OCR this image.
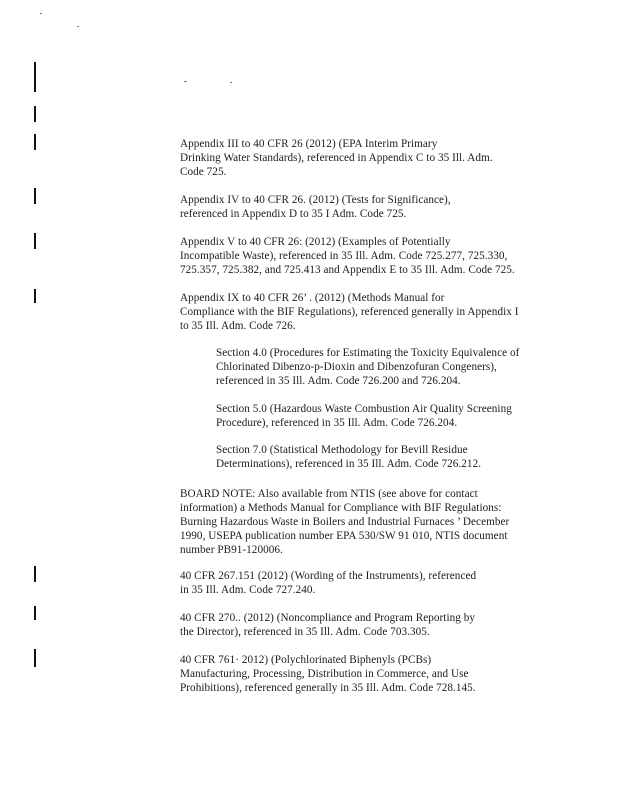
Appendix III to 40 CFR 26 (2012) (EPA Interim Primary
Drinking Water Standards), referenced in Appendix C to 35 Ill. Adm.
Code 725.
Appendix IV to 40 CFR 26. (2012) (Tests for Significance),
referenced in Appendix D to 35 I Adm. Code 725.
Appendix V to 40 CFR 26: (2012) (Examples of Potentially
Incompatible Waste), referenced in 35 Ill. Adm. Code 725.277, 725.330,
725.357, 725.382, and 725.413 and Appendix E to 35 Ill. Adm. Code 725.
Appendix IX to 40 CFR 26’ . (2012) (Methods Manual for
Compliance with the BIF Regulations), referenced generally in Appendix I
to 35 Ill. Adm. Code 726.
Section 4.0 (Procedures for Estimating the Toxicity Equivalence of
Chlorinated Dibenzo-p-Dioxin and Dibenzofuran Congeners),
referenced in 35 Ill. Adm. Code 726.200 and 726.204.
Section 5.0 (Hazardous Waste Combustion Air Quality Screening
Procedure), referenced in 35 Ill. Adm. Code 726.204.
Section 7.0 (Statistical Methodology for Bevill Residue
Determinations), referenced in 35 Ill. Adm. Code 726.212.
BOARD NOTE: Also available from NTIS (see above for contact
information) a Methods Manual for Compliance with BIF Regulations:
Burning Hazardous Waste in Boilers and Industrial Furnaces ’ December
1990, USEPA publication number EPA 530/SW 91 010, NTIS document
number PB91-120006.
40 CFR 267.151 (2012) (Wording of the Instruments), referenced
in 35 Ill. Adm. Code 727.240.
40 CFR 270.. (2012) (Noncompliance and Program Reporting by
the Director), referenced in 35 Ill. Adm. Code 703.305.
40 CFR 761· 2012) (Polychlorinated Biphenyls (PCBs)
Manufacturing, Processing, Distribution in Commerce, and Use
Prohibitions), referenced generally in 35 Ill. Adm. Code 728.145.
